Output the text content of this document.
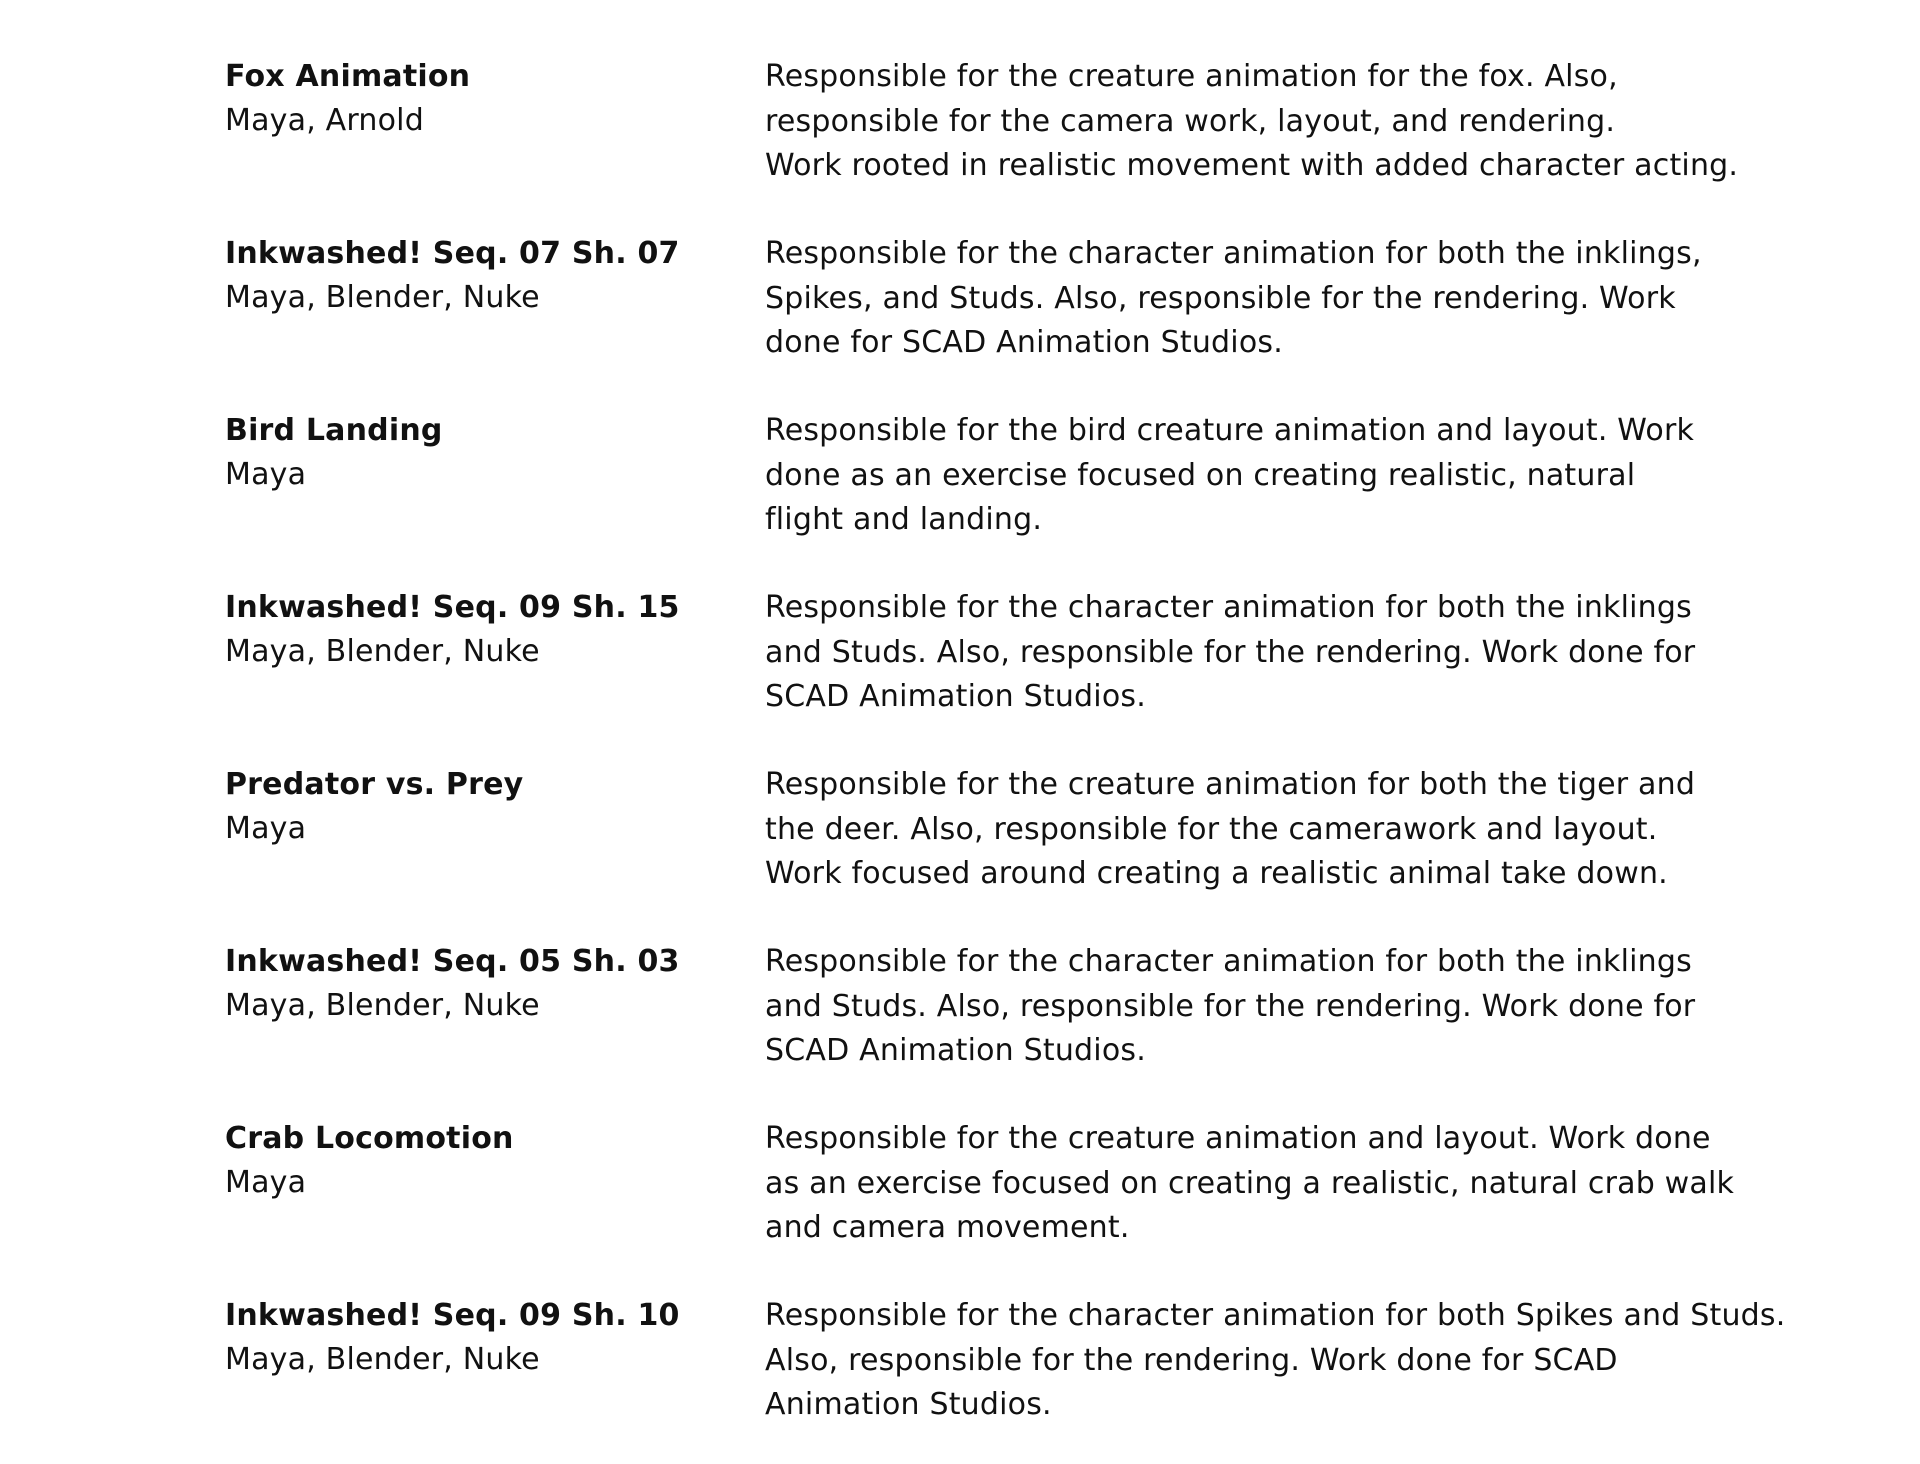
Fox Animation
Maya, Arnold
Responsible for the creature animation for the fox. Also,
responsible for the camera work, layout, and rendering.
Work rooted in realistic movement with added character acting.
Inkwashed! Seq. 07 Sh. 07
Maya, Blender, Nuke
Responsible for the character animation for both the inklings,
Spikes, and Studs. Also, responsible for the rendering. Work
done for SCAD Animation Studios.
Bird Landing
Maya
Responsible for the bird creature animation and layout. Work
done as an exercise focused on creating realistic, natural
flight and landing.
Inkwashed! Seq. 09 Sh. 15
Maya, Blender, Nuke
Responsible for the character animation for both the inklings
and Studs. Also, responsible for the rendering. Work done for
SCAD Animation Studios.
Predator vs. Prey
Maya
Responsible for the creature animation for both the tiger and
the deer. Also, responsible for the camerawork and layout.
Work focused around creating a realistic animal take down.
Inkwashed! Seq. 05 Sh. 03
Maya, Blender, Nuke
Responsible for the character animation for both the inklings
and Studs. Also, responsible for the rendering. Work done for
SCAD Animation Studios.
Crab Locomotion
Maya
Responsible for the creature animation and layout. Work done
as an exercise focused on creating a realistic, natural crab walk
and camera movement.
Inkwashed! Seq. 09 Sh. 10
Maya, Blender, Nuke
Responsible for the character animation for both Spikes and Studs.
Also, responsible for the rendering. Work done for SCAD
Animation Studios.
